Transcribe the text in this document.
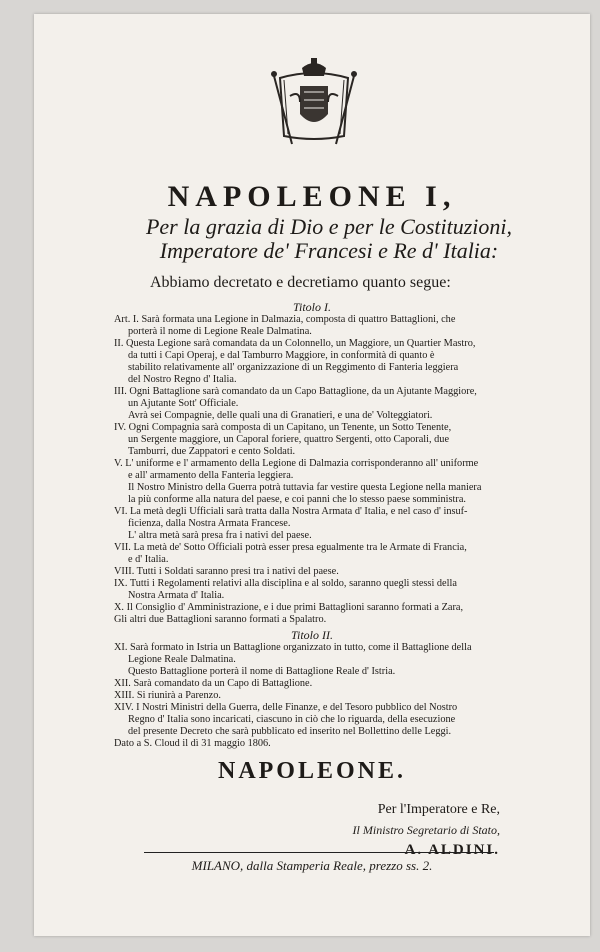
NAPOLEONE I,
Per la grazia di Dio e per le Costituzioni,
Imperatore de' Francesi e Re d' Italia:
Abbiamo decretato e decretiamo quanto segue:
Titolo I.

Art. I. Sarà formata una Legione in Dalmazia, composta di quattro Battaglioni, che

porterà il nome di Legione Reale Dalmatina.

II. Questa Legione sarà comandata da un Colonnello, un Maggiore, un Quartier Mastro,

da tutti i Capi Operaj, e dal Tamburro Maggiore, in conformità di quanto è

stabilito relativamente all' organizzazione di un Reggimento di Fanteria leggiera

del Nostro Regno d' Italia.

III. Ogni Battaglione sarà comandato da un Capo Battaglione, da un Ajutante Maggiore,

un Ajutante Sott' Officiale.

Avrà sei Compagnie, delle quali una di Granatieri, e una de' Volteggiatori.

IV. Ogni Compagnia sarà composta di un Capitano, un Tenente, un Sotto Tenente,

un Sergente maggiore, un Caporal foriere, quattro Sergenti, otto Caporali, due

Tamburri, due Zappatori e cento Soldati.

V. L' uniforme e l' armamento della Legione di Dalmazia corrisponderanno all' uniforme

e all' armamento della Fanteria leggiera.

Il Nostro Ministro della Guerra potrà tuttavia far vestire questa Legione nella maniera

la più conforme alla natura del paese, e coi panni che lo stesso paese somministra.

VI. La metà degli Ufficiali sarà tratta dalla Nostra Armata d' Italia, e nel caso d' insuf-

ficienza, dalla Nostra Armata Francese.

L' altra metà sarà presa fra i nativi del paese.

VII. La metà de' Sotto Officiali potrà esser presa egualmente tra le Armate di Francia,

e d' Italia.

VIII. Tutti i Soldati saranno presi tra i nativi del paese.

IX. Tutti i Regolamenti relativi alla disciplina e al soldo, saranno quegli stessi della

Nostra Armata d' Italia.

X. Il Consiglio d' Amministrazione, e i due primi Battaglioni saranno formati a Zara,

Gli altri due Battaglioni saranno formati a Spalatro.

Titolo II.

XI. Sarà formato in Istria un Battaglione organizzato in tutto, come il Battaglione della

Legione Reale Dalmatina.

Questo Battaglione porterà il nome di Battaglione Reale d' Istria.

XII. Sarà comandato da un Capo di Battaglione.

XIII. Si riunirà a Parenzo.

XIV. I Nostri Ministri della Guerra, delle Finanze, e del Tesoro pubblico del Nostro

Regno d' Italia sono incaricati, ciascuno in ciò che lo riguarda, della esecuzione

del presente Decreto che sarà pubblicato ed inserito nel Bollettino delle Leggi.

Dato a S. Cloud il dì 31 maggio 1806.

NAPOLEONE.
Per l'Imperatore e Re,
Il Ministro Segretario di Stato,
A. ALDINI.
MILANO, dalla Stamperia Reale, prezzo ss. 2.
